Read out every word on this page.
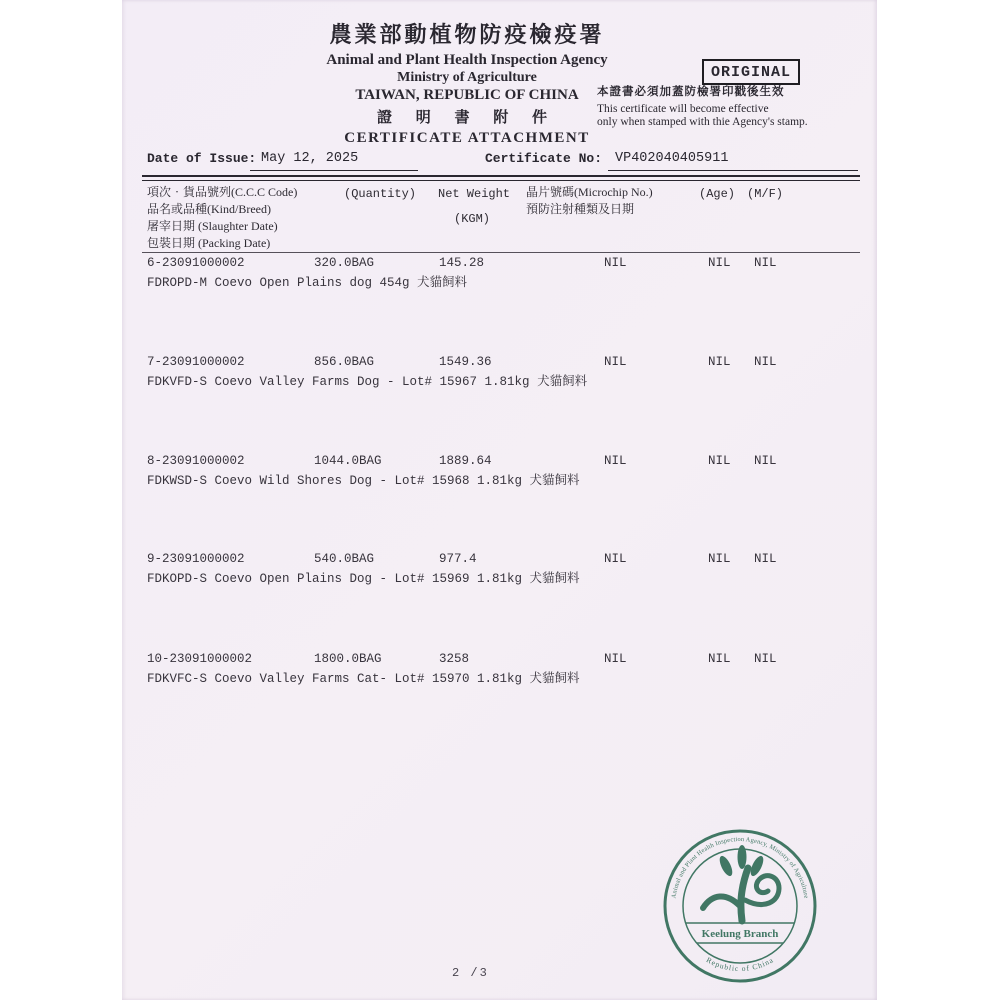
農業部動植物防疫檢疫署
Animal and Plant Health Inspection Agency
Ministry of Agriculture
TAIWAN, REPUBLIC OF CHINA
證 明 書 附 件
CERTIFICATE ATTACHMENT
ORIGINAL
本證書必須加蓋防檢署印戳後生效
This certificate will become effective
only when stamped with thie Agency's stamp.
Date of Issue: May 12, 2025	Certificate No: VP402040405911
項次‧貨品號列(C.C.C Code)
品名或品種(Kind/Breed)
屠宰日期 (Slaughter Date)
包裝日期 (Packing Date)
(Quantity) Net Weight
(KGM)
晶片號碼(Microchip No.)
預防注射種類及日期
(Age) (M/F)
6-23091000002	320.0BAG	145.28	NIL	NIL NIL
FDROPD-M Coevo Open Plains dog 454g 犬貓飼料
7-23091000002	856.0BAG	1549.36	NIL	NIL NIL
FDKVFD-S Coevo Valley Farms Dog - Lot# 15967 1.81kg 犬貓飼料
8-23091000002	1044.0BAG	1889.64	NIL	NIL NIL
FDKWSD-S Coevo Wild Shores Dog - Lot# 15968 1.81kg 犬貓飼料
9-23091000002	540.0BAG	977.4	NIL	NIL NIL
FDKOPD-S Coevo Open Plains Dog - Lot# 15969 1.81kg 犬貓飼料
10-23091000002	1800.0BAG	3258	NIL	NIL NIL
FDKVFC-S Coevo Valley Farms Cat- Lot# 15970 1.81kg 犬貓飼料
Animal and Plant Health Inspection Agency, Ministry of Agriculture
Republic of China
Keelung Branch
2 /3
